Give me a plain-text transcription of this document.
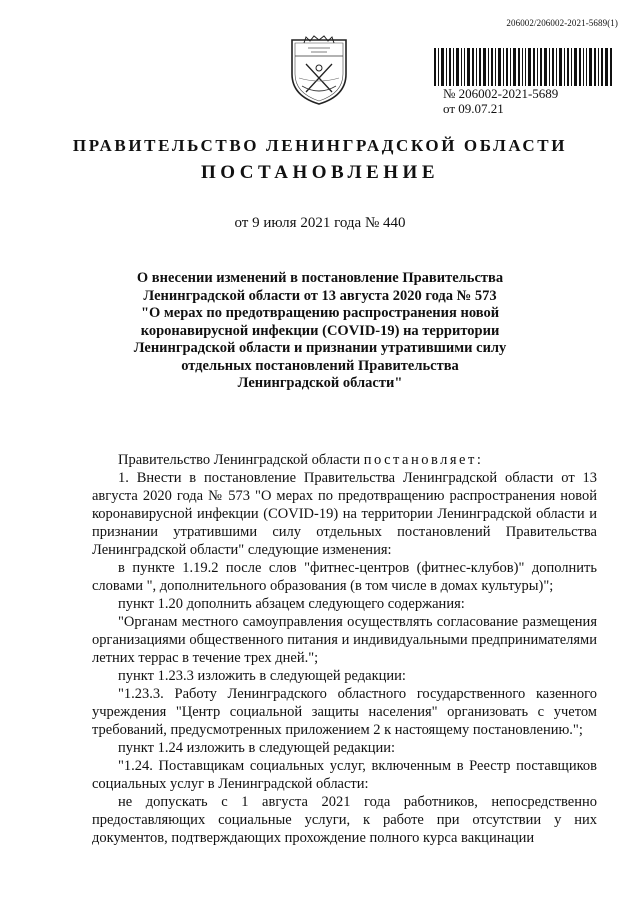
206002/206002-2021-5689(1)
№ 206002-2021-5689
от 09.07.21
ПРАВИТЕЛЬСТВО ЛЕНИНГРАДСКОЙ ОБЛАСТИ
ПОСТАНОВЛЕНИЕ
от 9 июля 2021 года № 440
О внесении изменений в постановление Правительства
Ленинградской области от 13 августа 2020 года № 573
"О мерах по предотвращению распространения новой
коронавирусной инфекции (COVID-19) на территории
Ленинградской области и признании утратившими силу
отдельных постановлений Правительства
Ленинградской области"

Правительство Ленинградской области постановляет:

1. Внести в постановление Правительства Ленинградской области от 13 августа 2020 года № 573 "О мерах по предотвращению распространения новой коронавирусной инфекции (COVID-19) на территории Ленинградской области и признании утратившими силу отдельных постановлений Правительства Ленинградской области" следующие изменения:

в пункте 1.19.2 после слов "фитнес-центров (фитнес-клубов)" дополнить словами ", дополнительного образования (в том числе в домах культуры)";

пункт 1.20 дополнить абзацем следующего содержания:

"Органам местного самоуправления осуществлять согласование размещения организациями общественного питания и индивидуальными предпринимателями летних террас в течение трех дней.";

пункт 1.23.3 изложить в следующей редакции:

"1.23.3. Работу Ленинградского областного государственного казенного учреждения "Центр социальной защиты населения" организовать с учетом требований, предусмотренных приложением 2 к настоящему постановлению.";

пункт 1.24 изложить в следующей редакции:

"1.24. Поставщикам социальных услуг, включенным в Реестр поставщиков социальных услуг в Ленинградской области:

не допускать с 1 августа 2021 года работников, непосредственно предоставляющих социальные услуги, к работе при отсутствии у них документов, подтверждающих прохождение полного курса вакцинации
